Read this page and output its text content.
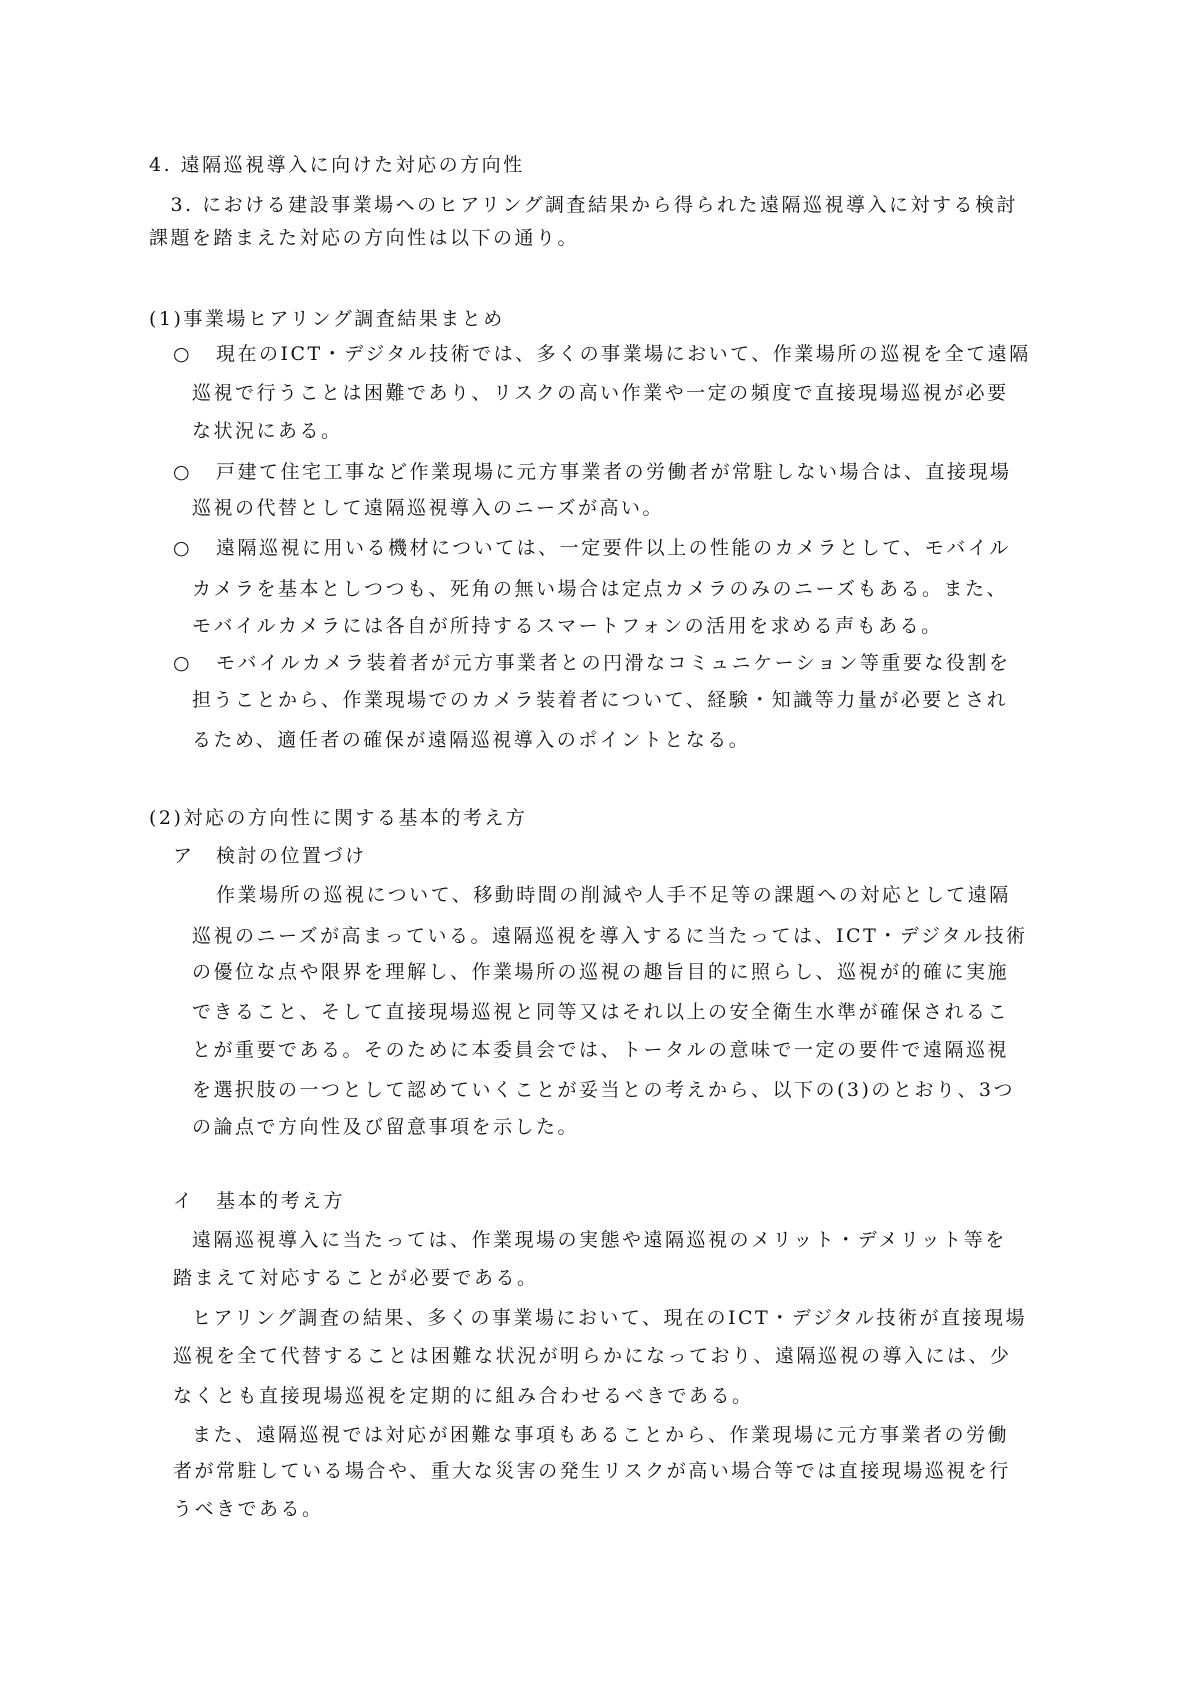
4. 遠隔巡視導入に向けた対応の方向性
　3. における建設事業場へのヒアリング調査結果から得られた遠隔巡視導入に対する検討
課題を踏まえた対応の方向性は以下の通り。
(1)事業場ヒアリング調査結果まとめ
○ 現在のICT・デジタル技術では、多くの事業場において、作業場所の巡視を全て遠隔
巡視で行うことは困難であり、リスクの高い作業や一定の頻度で直接現場巡視が必要
な状況にある。
○ 戸建て住宅工事など作業現場に元方事業者の労働者が常駐しない場合は、直接現場
巡視の代替として遠隔巡視導入のニーズが高い。
○ 遠隔巡視に用いる機材については、一定要件以上の性能のカメラとして、モバイル
カメラを基本としつつも、死角の無い場合は定点カメラのみのニーズもある。また、
モバイルカメラには各自が所持するスマートフォンの活用を求める声もある。
○ モバイルカメラ装着者が元方事業者との円滑なコミュニケーション等重要な役割を
担うことから、作業現場でのカメラ装着者について、経験・知識等力量が必要とされ
るため、適任者の確保が遠隔巡視導入のポイントとなる。
(2)対応の方向性に関する基本的考え方
ア　検討の位置づけ
作業場所の巡視について、移動時間の削減や人手不足等の課題への対応として遠隔
巡視のニーズが高まっている。遠隔巡視を導入するに当たっては、ICT・デジタル技術
の優位な点や限界を理解し、作業場所の巡視の趣旨目的に照らし、巡視が的確に実施
できること、そして直接現場巡視と同等又はそれ以上の安全衛生水準が確保されるこ
とが重要である。そのために本委員会では、トータルの意味で一定の要件で遠隔巡視
を選択肢の一つとして認めていくことが妥当との考えから、以下の(3)のとおり、3つ
の論点で方向性及び留意事項を示した。
イ　基本的考え方
遠隔巡視導入に当たっては、作業現場の実態や遠隔巡視のメリット・デメリット等を
踏まえて対応することが必要である。
ヒアリング調査の結果、多くの事業場において、現在のICT・デジタル技術が直接現場
巡視を全て代替することは困難な状況が明らかになっており、遠隔巡視の導入には、少
なくとも直接現場巡視を定期的に組み合わせるべきである。
また、遠隔巡視では対応が困難な事項もあることから、作業現場に元方事業者の労働
者が常駐している場合や、重大な災害の発生リスクが高い場合等では直接現場巡視を行
うべきである。
